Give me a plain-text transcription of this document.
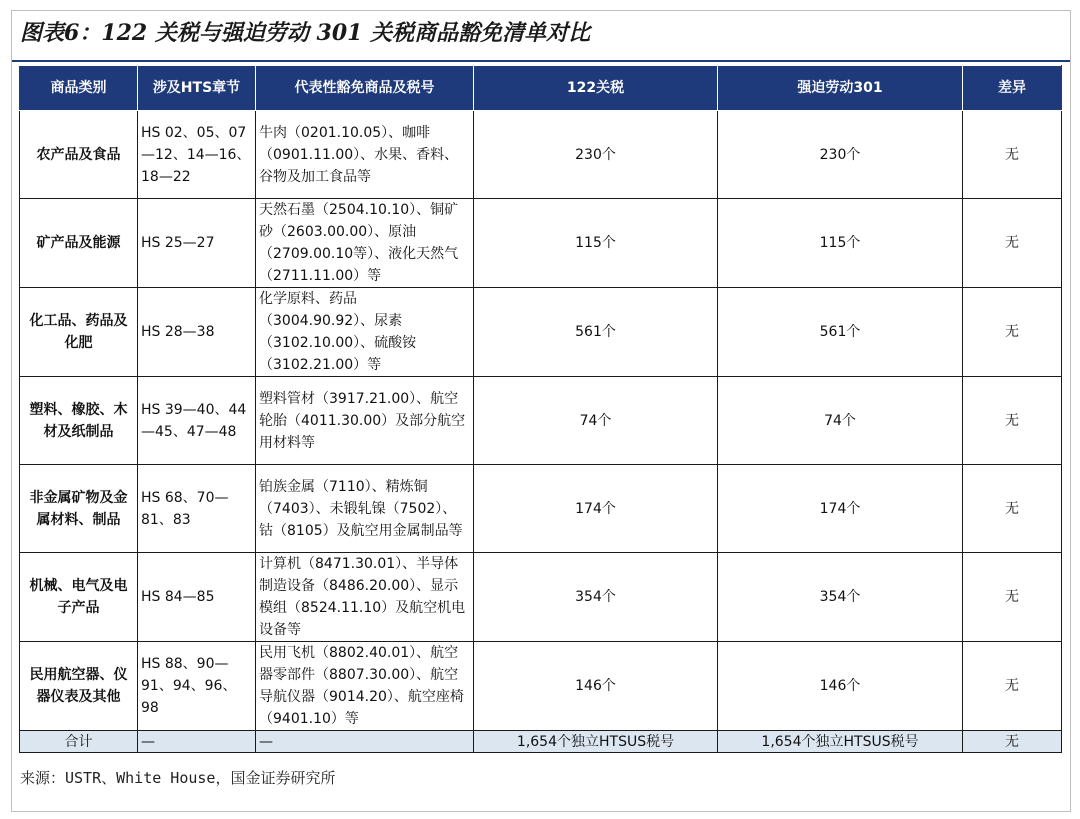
图表6：122 关税与强迫劳动 301 关税商品豁免清单对比
商品类别	涉及HTS章节	代表性豁免商品及税号	122关税	强迫劳动301	差异
农产品及食品	HS 02、05、07—12、14—16、18—22	牛肉（0201.10.05）、咖啡（0901.11.00）、水果、香料、谷物及加工食品等	230个	230个	无
矿产品及能源	HS 25—27	天然石墨（2504.10.10）、铜矿砂（2603.00.00）、原油（2709.00.10等）、液化天然气（2711.11.00）等	115个	115个	无
化工品、药品及化肥	HS 28—38	化学原料、药品（3004.90.92）、尿素（3102.10.00）、硫酸铵（3102.21.00）等	561个	561个	无
塑料、橡胶、木材及纸制品	HS 39—40、44—45、47—48	塑料管材（3917.21.00）、航空轮胎（4011.30.00）及部分航空用材料等	74个	74个	无
非金属矿物及金属材料、制品	HS 68、70—81、83	铂族金属（7110）、精炼铜（7403）、未锻轧镍（7502）、钴（8105）及航空用金属制品等	174个	174个	无
机械、电气及电子产品	HS 84—85	计算机（8471.30.01）、半导体制造设备（8486.20.00）、显示模组（8524.11.10）及航空机电设备等	354个	354个	无
民用航空器、仪器仪表及其他	HS 88、90—91、94、96、98	民用飞机（8802.40.01）、航空器零部件（8807.30.00）、航空导航仪器（9014.20）、航空座椅（9401.10）等	146个	146个	无
合计	—	—	1,654个独立HTSUS税号	1,654个独立HTSUS税号	无
来源：USTR、White House，国金证券研究所
